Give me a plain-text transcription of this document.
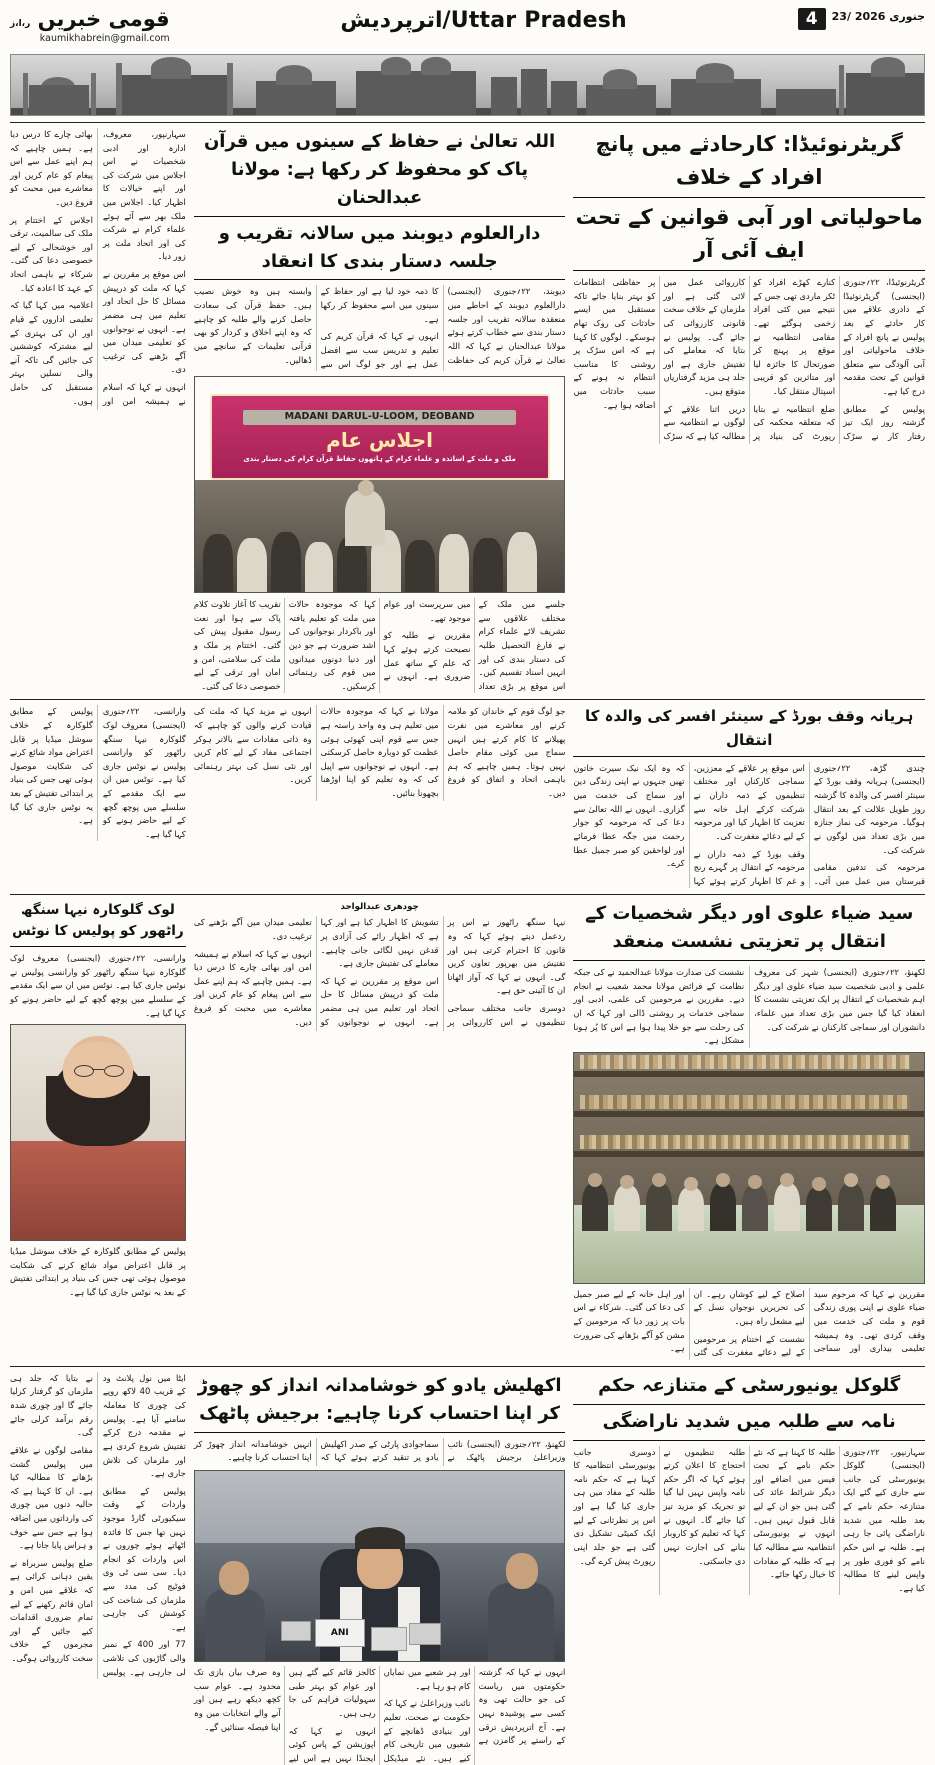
4	23/ جنوری 2026
Uttar Pradesh/اترپردیش
قومی خبریں ر،ا،ز
kaumikhabrein@gmail.com
گریٹرنوئیڈا: کارحادثے میں پانچ افراد کے خلاف
ماحولیاتی اور آبی قوانین کے تحت ایف آئی آر

گریٹرنوئیڈا، ۲۲؍جنوری (ایجنسی) گریٹرنوئیڈا کے دادری علاقے میں کار حادثے کے بعد پولیس نے پانچ افراد کے خلاف ماحولیاتی اور آبی آلودگی سے متعلق قوانین کے تحت مقدمہ درج کیا ہے۔

پولیس کے مطابق گزشتہ روز ایک تیز رفتار کار نے سڑک کنارے کھڑے افراد کو ٹکر ماردی تھی جس کے نتیجے میں کئی افراد زخمی ہوگئے تھے۔ مقامی انتظامیہ نے موقع پر پہنچ کر صورتحال کا جائزہ لیا اور متاثرین کو قریبی اسپتال منتقل کیا۔

ضلع انتظامیہ نے بتایا کہ متعلقہ محکمہ کی رپورٹ کی بنیاد پر کارروائی عمل میں لائی گئی ہے اور ملزمان کے خلاف سخت قانونی کارروائی کی جائے گی۔ پولیس نے بتایا کہ معاملے کی تفتیش جاری ہے اور جلد ہی مزید گرفتاریاں متوقع ہیں۔

دریں اثنا علاقے کے لوگوں نے انتظامیہ سے مطالبہ کیا ہے کہ سڑک پر حفاظتی انتظامات کو بہتر بنایا جائے تاکہ مستقبل میں ایسے حادثات کی روک تھام ہوسکے۔ لوگوں کا کہنا ہے کہ اس سڑک پر روشنی کا مناسب انتظام نہ ہونے کے سبب حادثات میں اضافہ ہوا ہے۔

اللہ تعالیٰ نے حفاظ کے سینوں میں قرآن پاک کو محفوظ کر رکھا ہے: مولانا عبدالحنان
دارالعلوم دیوبند میں سالانہ تقریب و جلسہ دستار بندی کا انعقاد

دیوبند، ۲۲؍جنوری (ایجنسی) دارالعلوم دیوبند کے احاطے میں منعقدہ سالانہ تقریب اور جلسہ دستار بندی سے خطاب کرتے ہوئے مولانا عبدالحنان نے کہا کہ اللہ تعالیٰ نے قرآن کریم کی حفاظت کا ذمہ خود لیا ہے اور حفاظ کے سینوں میں اسے محفوظ کر رکھا ہے۔

انہوں نے کہا کہ قرآن کریم کی تعلیم و تدریس سب سے افضل عمل ہے اور جو لوگ اس سے وابستہ ہیں وہ خوش نصیب ہیں۔ حفظ قرآن کی سعادت حاصل کرنے والے طلبہ کو چاہیے کہ وہ اپنے اخلاق و کردار کو بھی قرآنی تعلیمات کے سانچے میں ڈھالیں۔

MADANI DARUL-U-LOOM, DEOBAND
اجلاس عام
ملک و ملت کے اساتذہ و علماء کرام کے ہاتھوں حفاظ قرآن کرام کی دستار بندی

جلسے میں ملک کے مختلف علاقوں سے تشریف لائے علماء کرام نے فارغ التحصیل طلبہ کی دستار بندی کی اور انہیں اسناد تقسیم کیں۔ اس موقع پر بڑی تعداد میں سرپرست اور عوام موجود تھے۔

مقررین نے طلبہ کو نصیحت کرتے ہوئے کہا کہ علم کے ساتھ عمل ضروری ہے۔ انہوں نے کہا کہ موجودہ حالات میں ملت کو تعلیم یافتہ اور باکردار نوجوانوں کی اشد ضرورت ہے جو دین اور دنیا دونوں میدانوں میں قوم کی رہنمائی کرسکیں۔

تقریب کا آغاز تلاوت کلام پاک سے ہوا اور نعت رسول مقبول پیش کی گئی۔ اختتام پر ملک و ملت کی سلامتی، امن و امان اور ترقی کے لیے خصوصی دعا کی گئی۔

سہارنپور، معروف، ادارہ اور ادبی شخصیات نے اس اجلاس میں شرکت کی اور اپنے خیالات کا اظہار کیا۔ اجلاس میں ملک بھر سے آئے ہوئے علماء کرام نے شرکت کی اور اتحاد ملت پر زور دیا۔

اس موقع پر مقررین نے کہا کہ ملت کو درپیش مسائل کا حل اتحاد اور تعلیم میں ہی مضمر ہے۔ انہوں نے نوجوانوں کو تعلیمی میدان میں آگے بڑھنے کی ترغیب دی۔

انہوں نے کہا کہ اسلام نے ہمیشہ امن اور بھائی چارے کا درس دیا ہے۔ ہمیں چاہیے کہ ہم اپنے عمل سے اس پیغام کو عام کریں اور معاشرے میں محبت کو فروغ دیں۔

اجلاس کے اختتام پر ملک کی سالمیت، ترقی اور خوشحالی کے لیے خصوصی دعا کی گئی۔ شرکاء نے باہمی اتحاد کے عہد کا اعادہ کیا۔

اعلامیہ میں کہا گیا کہ تعلیمی اداروں کے قیام اور ان کی بہتری کے لیے مشترکہ کوششیں کی جائیں گی تاکہ آنے والی نسلیں بہتر مستقبل کی حامل ہوں۔

ہریانہ وقف بورڈ کے سینئر افسر کی والدہ کا انتقال

چندی گڑھ، ۲۲؍جنوری (ایجنسی) ہریانہ وقف بورڈ کے سینئر افسر کی والدہ کا گزشتہ روز طویل علالت کے بعد انتقال ہوگیا۔ مرحومہ کی نماز جنازہ میں بڑی تعداد میں لوگوں نے شرکت کی۔

مرحومہ کی تدفین مقامی قبرستان میں عمل میں آئی۔ اس موقع پر علاقے کے معززین، سماجی کارکنان اور مختلف تنظیموں کے ذمہ داران نے شرکت کرکے اہل خانہ سے تعزیت کا اظہار کیا اور مرحومہ کے لیے دعائے مغفرت کی۔

وقف بورڈ کے ذمہ داران نے مرحومہ کے انتقال پر گہرے رنج و غم کا اظہار کرتے ہوئے کہا کہ وہ ایک نیک سیرت خاتون تھیں جنہوں نے اپنی زندگی دین اور سماج کی خدمت میں گزاری۔ انہوں نے اللہ تعالیٰ سے دعا کی کہ مرحومہ کو جوار رحمت میں جگہ عطا فرمائے اور لواحقین کو صبر جمیل عطا کرے۔

جو لوگ قوم کے خاندان کو ملامہ کرنے اور معاشرے میں نفرت پھیلانے کا کام کرتے ہیں انہیں سماج میں کوئی مقام حاصل نہیں ہوتا۔ ہمیں چاہیے کہ ہم باہمی اتحاد و اتفاق کو فروغ دیں۔

مولانا نے کہا کہ موجودہ حالات میں تعلیم ہی وہ واحد راستہ ہے جس سے قوم اپنی کھوئی ہوئی عظمت کو دوبارہ حاصل کرسکتی ہے۔ انہوں نے نوجوانوں سے اپیل کی کہ وہ تعلیم کو اپنا اوڑھنا بچھونا بنائیں۔

انہوں نے مزید کہا کہ ملت کی قیادت کرنے والوں کو چاہیے کہ وہ ذاتی مفادات سے بالاتر ہوکر اجتماعی مفاد کے لیے کام کریں اور نئی نسل کی بہتر رہنمائی کریں۔

وارانسی، ۲۲؍جنوری (ایجنسی) معروف لوک گلوکارہ نیہا سنگھ راٹھور کو وارانسی پولیس نے نوٹس جاری کیا ہے۔ نوٹس میں ان سے ایک مقدمے کے سلسلے میں پوچھ گچھ کے لیے حاضر ہونے کو کہا گیا ہے۔

پولیس کے مطابق گلوکارہ کے خلاف سوشل میڈیا پر قابل اعتراض مواد شائع کرنے کی شکایت موصول ہوئی تھی جس کی بنیاد پر ابتدائی تفتیش کے بعد یہ نوٹس جاری کیا گیا ہے۔

سید ضیاء علوی اور دیگر شخصیات کے انتقال پر تعزیتی نشست منعقد

لکھنؤ، ۲۲؍جنوری (ایجنسی) شہر کی معروف علمی و ادبی شخصیت سید ضیاء علوی اور دیگر اہم شخصیات کے انتقال پر ایک تعزیتی نشست کا انعقاد کیا گیا جس میں بڑی تعداد میں علماء، دانشوران اور سماجی کارکنان نے شرکت کی۔

نشست کی صدارت مولانا عبدالحمید نے کی جبکہ نظامت کے فرائض مولانا محمد شعیب نے انجام دیے۔ مقررین نے مرحومین کی علمی، ادبی اور سماجی خدمات پر روشنی ڈالی اور کہا کہ ان کی رحلت سے جو خلا پیدا ہوا ہے اس کا پُر ہونا مشکل ہے۔

مقررین نے کہا کہ مرحوم سید ضیاء علوی نے اپنی پوری زندگی قوم و ملت کی خدمت میں وقف کردی تھی۔ وہ ہمیشہ تعلیمی بیداری اور سماجی اصلاح کے لیے کوشاں رہے۔ ان کی تحریریں نوجوان نسل کے لیے مشعل راہ ہیں۔

نشست کے اختتام پر مرحومین کے لیے دعائے مغفرت کی گئی اور اہل خانہ کے لیے صبر جمیل کی دعا کی گئی۔ شرکاء نے اس بات پر زور دیا کہ مرحومین کے مشن کو آگے بڑھانے کی ضرورت ہے۔

چودھری عبدالواحد

نیہا سنگھ راٹھور نے اس پر ردعمل دیتے ہوئے کہا کہ وہ قانون کا احترام کرتی ہیں اور تفتیش میں بھرپور تعاون کریں گی۔ انہوں نے کہا کہ آواز اٹھانا ان کا آئینی حق ہے۔

دوسری جانب مختلف سماجی تنظیموں نے اس کارروائی پر تشویش کا اظہار کیا ہے اور کہا ہے کہ اظہار رائے کی آزادی پر قدغن نہیں لگائی جانی چاہیے۔ معاملے کی تفتیش جاری ہے۔

اس موقع پر مقررین نے کہا کہ ملت کو درپیش مسائل کا حل اتحاد اور تعلیم میں ہی مضمر ہے۔ انہوں نے نوجوانوں کو تعلیمی میدان میں آگے بڑھنے کی ترغیب دی۔

انہوں نے کہا کہ اسلام نے ہمیشہ امن اور بھائی چارے کا درس دیا ہے۔ ہمیں چاہیے کہ ہم اپنے عمل سے اس پیغام کو عام کریں اور معاشرے میں محبت کو فروغ دیں۔

لوک گلوکارہ نیہا سنگھ راٹھور کو پولیس کا نوٹس

وارانسی، ۲۲؍جنوری (ایجنسی) معروف لوک گلوکارہ نیہا سنگھ راٹھور کو وارانسی پولیس نے نوٹس جاری کیا ہے۔ نوٹس میں ان سے ایک مقدمے کے سلسلے میں پوچھ گچھ کے لیے حاضر ہونے کو کہا گیا ہے۔

پولیس کے مطابق گلوکارہ کے خلاف سوشل میڈیا پر قابل اعتراض مواد شائع کرنے کی شکایت موصول ہوئی تھی جس کی بنیاد پر ابتدائی تفتیش کے بعد یہ نوٹس جاری کیا گیا ہے۔

گلوکل یونیورسٹی کے متنازعہ حکم
نامہ سے طلبہ میں شدید ناراضگی

سہارنپور، ۲۲؍جنوری (ایجنسی) گلوکل یونیورسٹی کی جانب سے جاری کیے گئے ایک متنازعہ حکم نامے کے بعد طلبہ میں شدید ناراضگی پائی جا رہی ہے۔ طلبہ نے اس حکم نامے کو فوری طور پر واپس لینے کا مطالبہ کیا ہے۔

طلبہ کا کہنا ہے کہ نئے حکم نامے کے تحت فیس میں اضافے اور دیگر شرائط عائد کی گئی ہیں جو ان کے لیے قابل قبول نہیں ہیں۔ انہوں نے یونیورسٹی انتظامیہ سے مطالبہ کیا ہے کہ طلبہ کے مفادات کا خیال رکھا جائے۔

طلبہ تنظیموں نے احتجاج کا اعلان کرتے ہوئے کہا کہ اگر حکم نامہ واپس نہیں لیا گیا تو تحریک کو مزید تیز کیا جائے گا۔ انہوں نے کہا کہ تعلیم کو کاروبار بنانے کی اجازت نہیں دی جاسکتی۔

دوسری جانب یونیورسٹی انتظامیہ کا کہنا ہے کہ حکم نامہ طلبہ کے مفاد میں ہی جاری کیا گیا ہے اور اس پر نظرثانی کے لیے ایک کمیٹی تشکیل دی گئی ہے جو جلد اپنی رپورٹ پیش کرے گی۔

اکھلیش یادو کو خوشامدانہ انداز کو چھوڑ کر اپنا احتساب کرنا چاہیے: برجیش پاٹھک

لکھنؤ، ۲۲؍جنوری (ایجنسی) نائب وزیراعلیٰ برجیش پاٹھک نے سماجوادی پارٹی کے صدر اکھلیش یادو پر تنقید کرتے ہوئے کہا کہ انہیں خوشامدانہ انداز چھوڑ کر اپنا احتساب کرنا چاہیے۔

ANI

انہوں نے کہا کہ گزشتہ حکومتوں میں ریاست کی جو حالت تھی وہ کسی سے پوشیدہ نہیں ہے۔ آج اترپردیش ترقی کے راستے پر گامزن ہے اور ہر شعبے میں نمایاں کام ہو رہا ہے۔

نائب وزیراعلیٰ نے کہا کہ حکومت نے صحت، تعلیم اور بنیادی ڈھانچے کے شعبوں میں تاریخی کام کیے ہیں۔ نئے میڈیکل کالجز قائم کیے گئے ہیں اور عوام کو بہتر طبی سہولیات فراہم کی جا رہی ہیں۔

انہوں نے کہا کہ اپوزیشن کے پاس کوئی ایجنڈا نہیں ہے اس لیے وہ صرف بیان بازی تک محدود ہے۔ عوام سب کچھ دیکھ رہے ہیں اور آنے والے انتخابات میں وہ اپنا فیصلہ سنائیں گے۔

ایٹا میں نول پلانٹ ود کے قریب 40 لاکھ روپے کی چوری کا معاملہ سامنے آیا ہے۔ پولیس نے مقدمہ درج کرکے تفتیش شروع کردی ہے اور ملزمان کی تلاش جاری ہے۔

پولیس کے مطابق واردات کے وقت سیکیورٹی گارڈ موجود نہیں تھا جس کا فائدہ اٹھاتے ہوئے چوروں نے اس واردات کو انجام دیا۔ سی سی ٹی وی فوٹیج کی مدد سے ملزمان کی شناخت کی کوشش کی جارہی ہے۔

77 اور 400 کے نمبر والی گاڑیوں کی تلاشی لی جارہی ہے۔ پولیس نے بتایا کہ جلد ہی ملزمان کو گرفتار کرلیا جائے گا اور چوری شدہ رقم برآمد کرلی جائے گی۔

مقامی لوگوں نے علاقے میں پولیس گشت بڑھانے کا مطالبہ کیا ہے۔ ان کا کہنا ہے کہ حالیہ دنوں میں چوری کی وارداتوں میں اضافہ ہوا ہے جس سے خوف و ہراس پایا جاتا ہے۔

ضلع پولیس سربراہ نے یقین دہانی کرائی ہے کہ علاقے میں امن و امان قائم رکھنے کے لیے تمام ضروری اقدامات کیے جائیں گے اور مجرموں کے خلاف سخت کارروائی ہوگی۔
